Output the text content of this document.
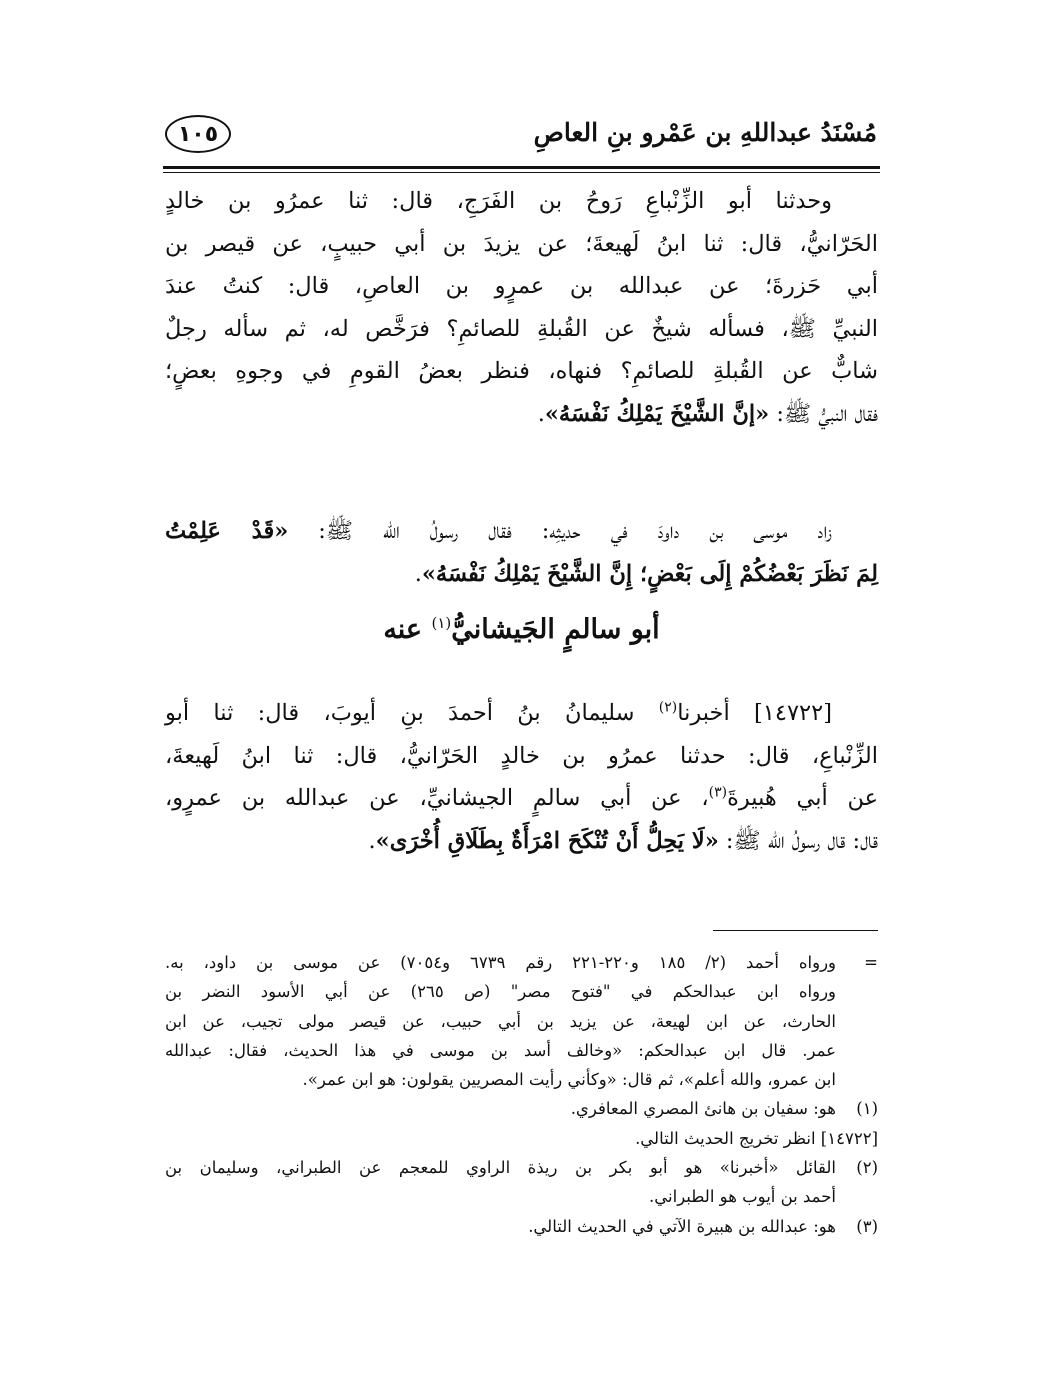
مُسْنَدُ عبداللهِ بن عَمْرو بنِ العاصِ
١٠٥
وحدثنا أبو الزِّنْباعِ رَوحُ بن الفَرَجِ، قال: ثنا عمرُو بن خالدٍ
الحَرّانيُّ، قال: ثنا ابنُ لَهيعةَ؛ عن يزيدَ بن أبي حبيبٍ، عن قيصر بن
أبي حَزرةَ؛ عن عبدالله بن عمرٍو بن العاصِ، قال: كنتُ عندَ
النبيِّ ﷺ، فسأله شيخٌ عن القُبلةِ للصائمِ؟ فرَخَّص له، ثم سأله رجلٌ
شابٌّ عن القُبلةِ للصائمِ؟ فنهاه، فنظر بعضُ القومِ في وجوهِ بعضٍ؛
فقال النبيُّ ﷺ: «إنَّ الشَّيْخَ يَمْلِكُ نَفْسَهُ».
زاد موسى بن داودَ في حديثِه: فقال رسولُ الله ﷺ: «قَدْ عَلِمْتُ
لِمَ نَظَرَ بَعْضُكُمْ إِلَى بَعْضٍ؛ إِنَّ الشَّيْخَ يَمْلِكُ نَفْسَهُ».
أبو سالمٍ الجَيشانيُّ$^{(١)}$ عنه
[١٤٧٢٢] أخبرنا$^{(٢)}$ سليمانُ بنُ أحمدَ بنِ أيوبَ، قال: ثنا أبو
الزِّنْباعِ، قال: حدثنا عمرُو بن خالدٍ الحَرّانيُّ، قال: ثنا ابنُ لَهيعةَ،
عن أبي هُبيرةَ$^{(٣)}$، عن أبي سالمٍ الجيشانيِّ، عن عبدالله بن عمرٍو،
قال: قال رسولُ الله ﷺ: «لَا يَحِلُّ أَنْ تُنْكَحَ امْرَأَةٌ بِطَلَاقِ أُخْرَى».
=
ورواه أحمد (٢/ ١٨٥ و٢٢٠-٢٢١ رقم ٦٧٣٩ و٧٠٥٤) عن موسى بن داود، به.
ورواه ابن عبدالحكم في "فتوح مصر" (ص ٢٦٥) عن أبي الأسود النضر بن
الحارث، عن ابن لهيعة، عن يزيد بن أبي حبيب، عن قيصر مولى تجيب، عن ابن
عمر. قال ابن عبدالحكم: «وخالف أسد بن موسى في هذا الحديث، فقال: عبدالله
ابن عمرو، والله أعلم»، ثم قال: «وكأني رأيت المصريين يقولون: هو ابن عمر».
(١)
هو: سفيان بن هانئ المصري المعافري.
[١٤٧٢٢] انظر تخريج الحديث التالي.
(٢)
القائل «أخبرنا» هو أبو بكر بن ريذة الراوي للمعجم عن الطبراني، وسليمان بن
أحمد بن أيوب هو الطبراني.
(٣)
هو: عبدالله بن هبيرة الآتي في الحديث التالي.
